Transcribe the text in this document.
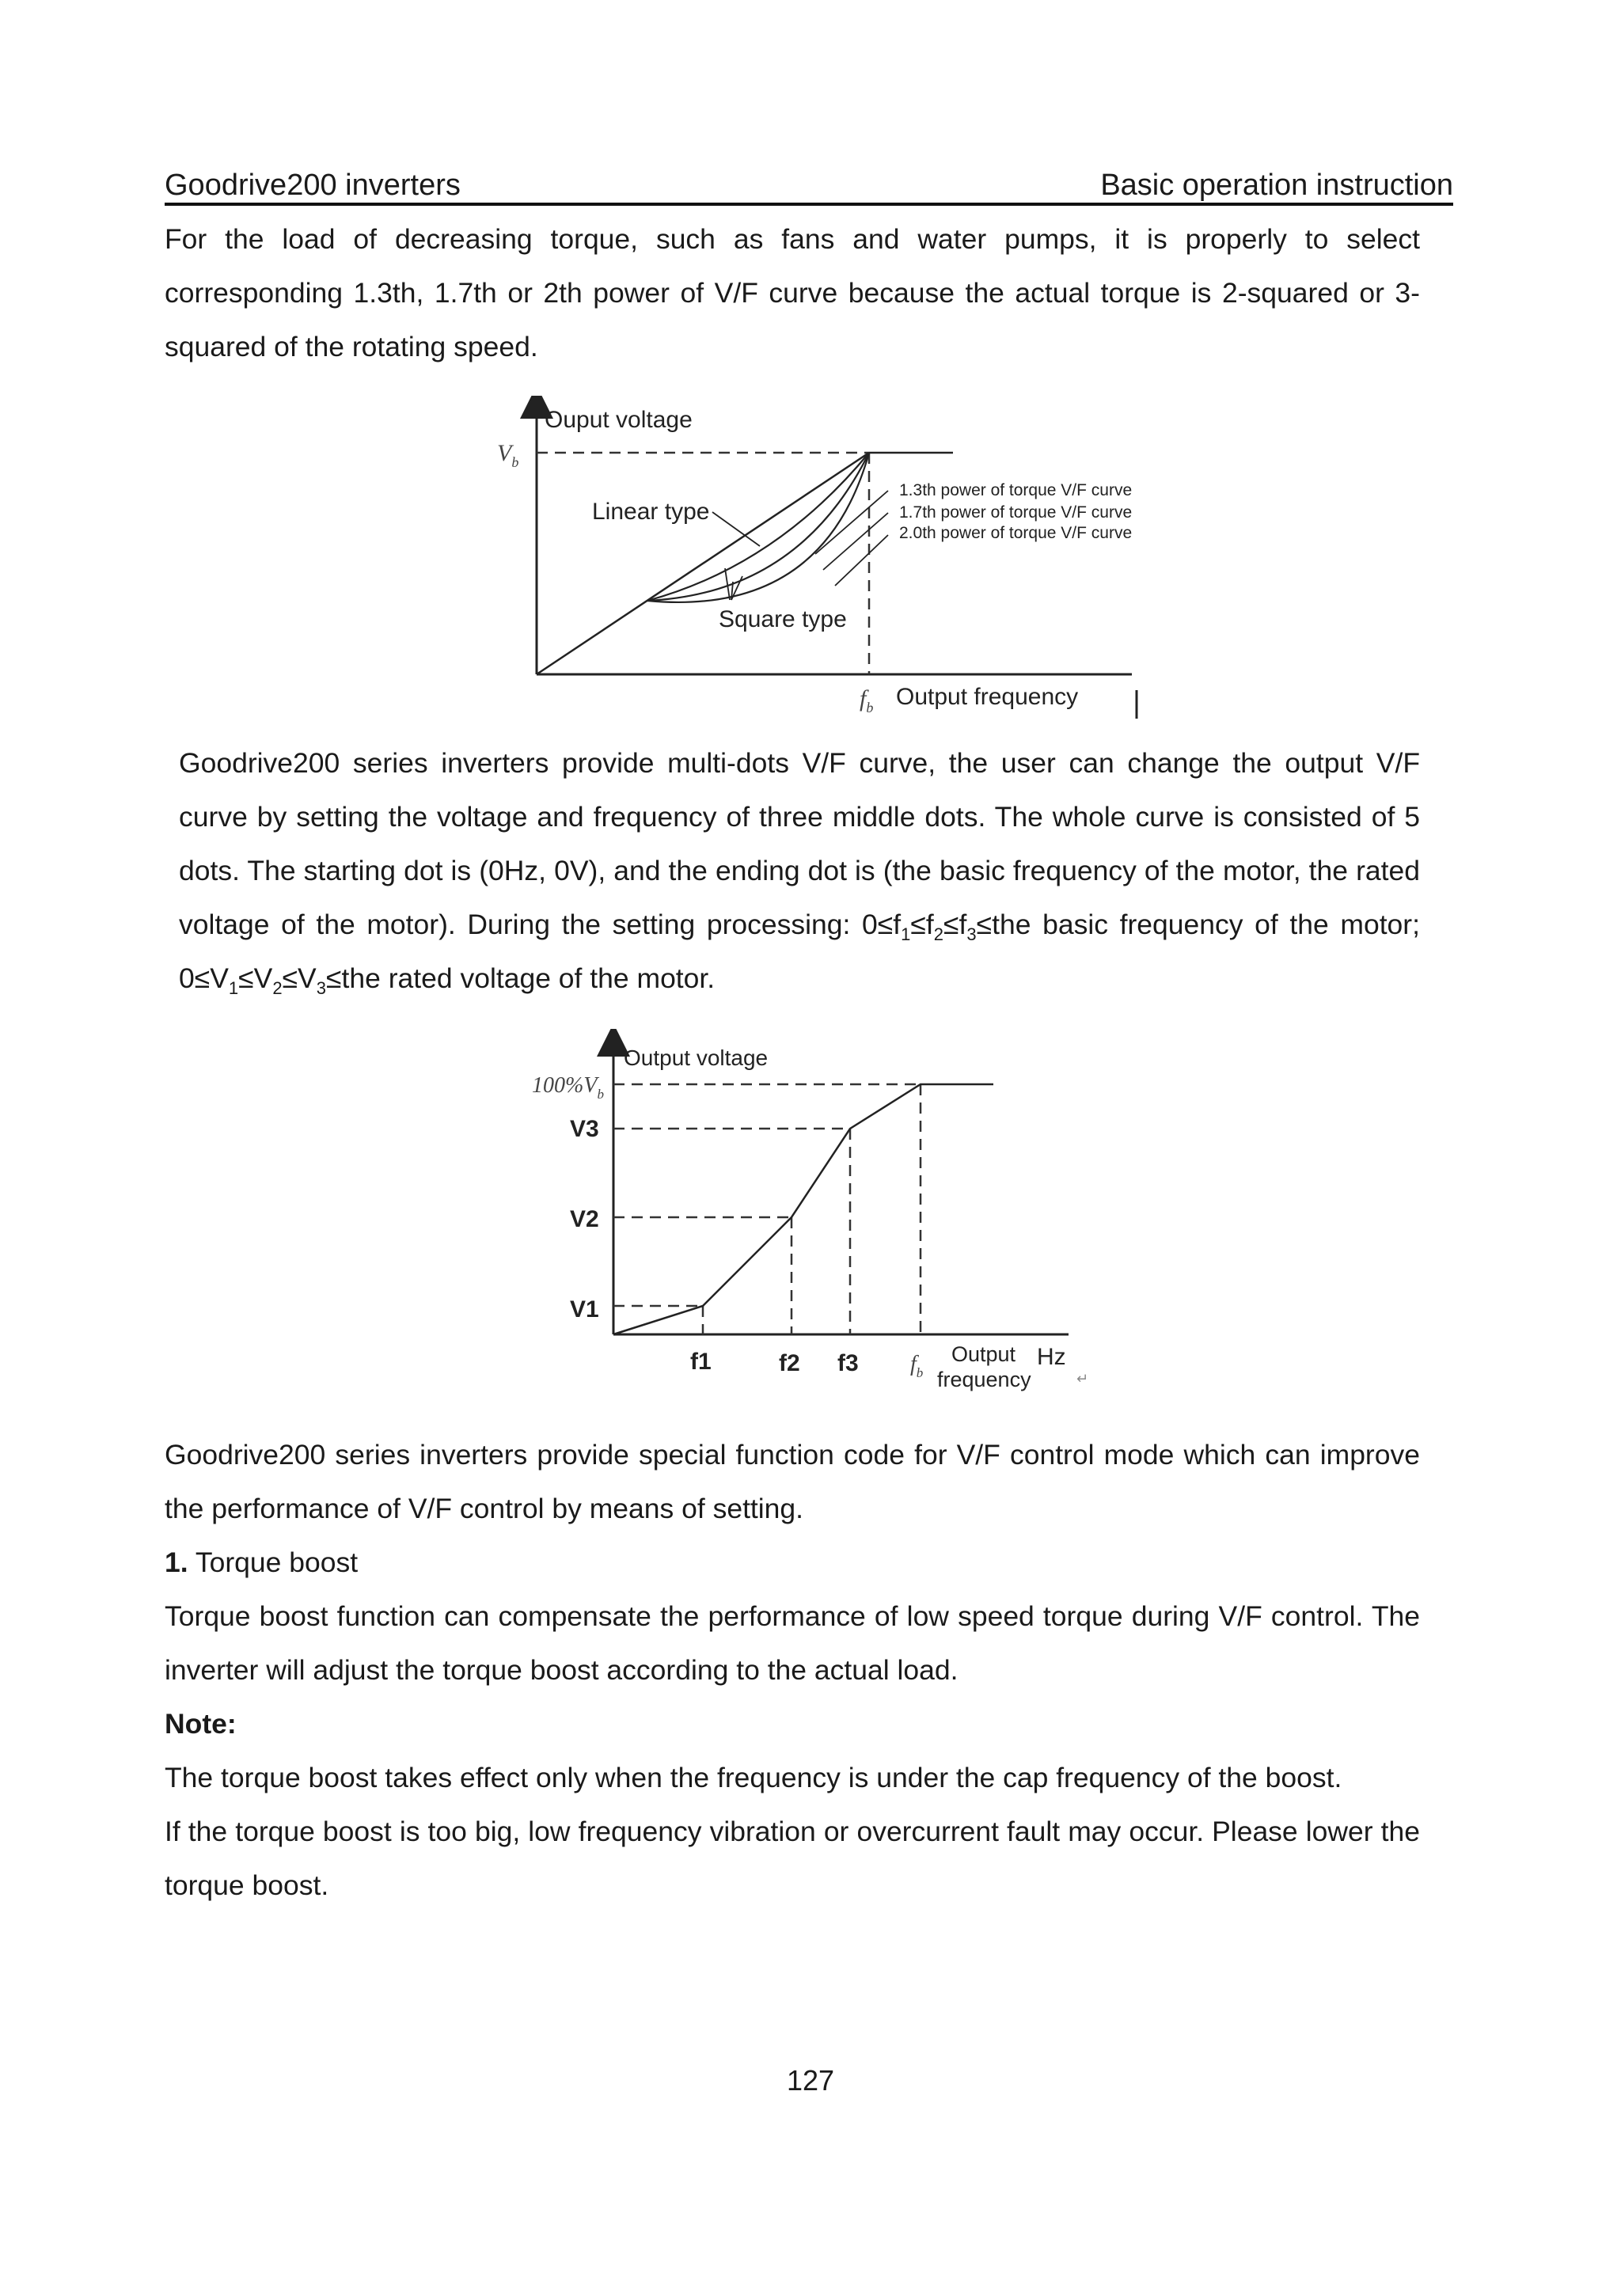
Goodrive200 inverters	Basic operation instruction

For the load of decreasing torque, such as fans and water pumps, it is properly to select corresponding 1.3th, 1.7th or 2th power of V/F curve because the actual torque is 2-squared or 3-squared of the rotating speed.

Ouput voltage
$V_b$
Linear type
Square type
1.3th power of torque V/F curve
1.7th power of torque V/F curve
2.0th power of torque V/F curve
$f_b$ Output frequency

Goodrive200 series inverters provide multi-dots V/F curve, the user can change the output V/F curve by setting the voltage and frequency of three middle dots. The whole curve is consisted of 5 dots. The starting dot is (0Hz, 0V), and the ending dot is (the basic frequency of the motor, the rated voltage of the motor). During the setting processing: $0\le f_1\le f_2\le f_3\le the$ basic frequency of the motor; $0\le V_1\le V_2\le V_3\le the$ rated voltage of the motor.

Output voltage
$100\%V_b$
V3
V2
V1
f1	f2 f3 $f_b$
Output
frequency
Hz
↵

Goodrive200 series inverters provide special function code for V/F control mode which can improve the performance of V/F control by means of setting.

1. Torque boost

Torque boost function can compensate the performance of low speed torque during V/F control. The inverter will adjust the torque boost according to the actual load.

Note:

The torque boost takes effect only when the frequency is under the cap frequency of the boost.

If the torque boost is too big, low frequency vibration or overcurrent fault may occur. Please lower the torque boost.

127
